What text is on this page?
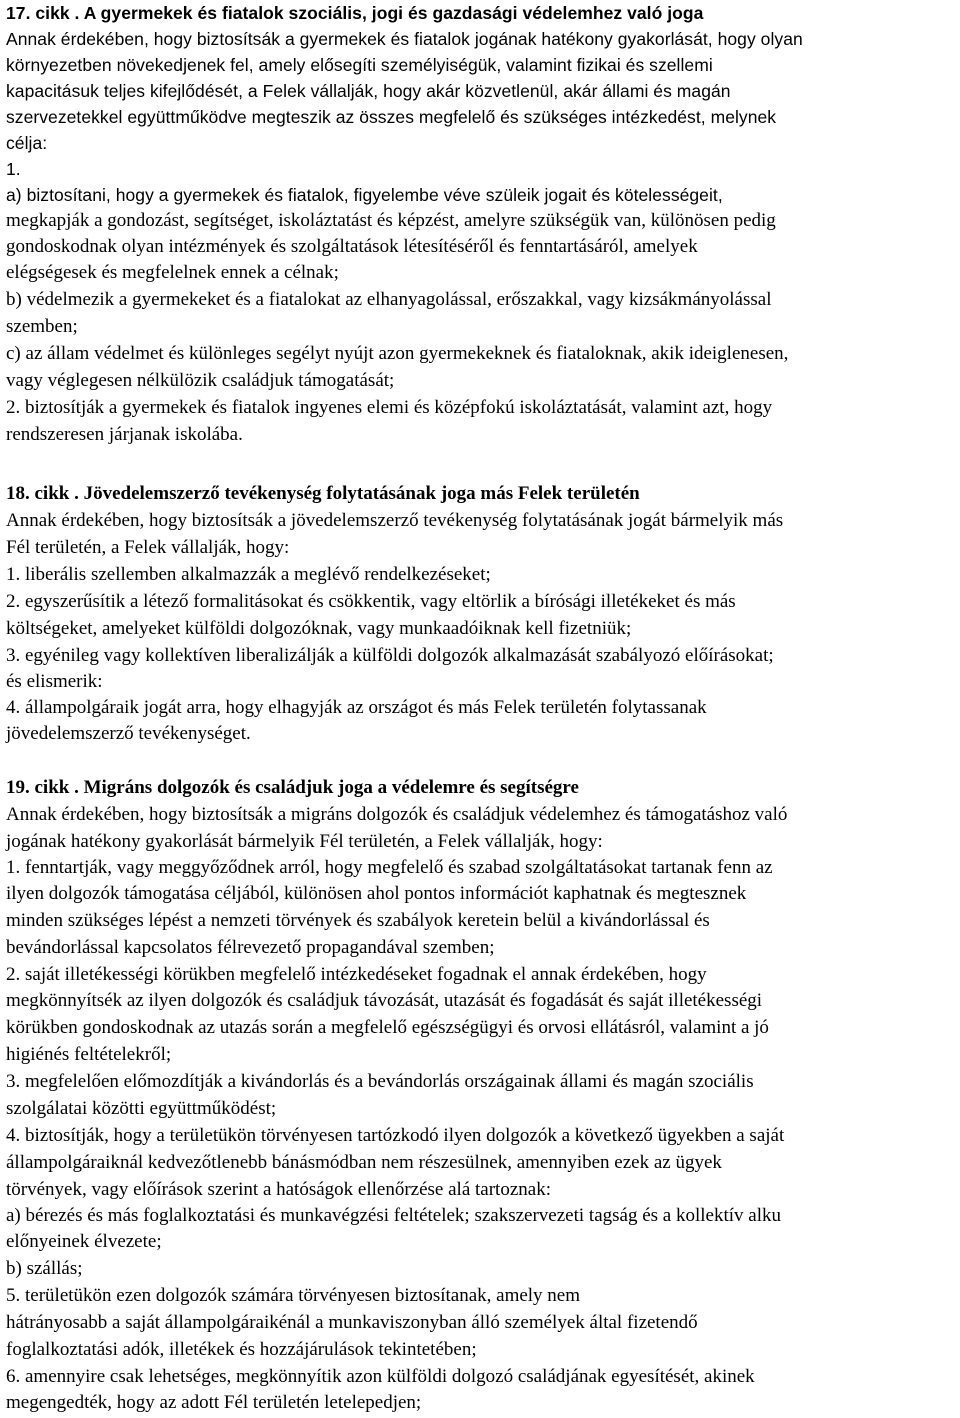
17. cikk . A gyermekek és fiatalok szociális, jogi és gazdasági védelemhez való joga
Annak érdekében, hogy biztosítsák a gyermekek és fiatalok jogának hatékony gyakorlását, hogy olyan
környezetben növekedjenek fel, amely elősegíti személyiségük, valamint fizikai és szellemi
kapacitásuk teljes kifejlődését, a Felek vállalják, hogy akár közvetlenül, akár állami és magán
szervezetekkel együttműködve megteszik az összes megfelelő és szükséges intézkedést, melynek
célja:
1.
a) biztosítani, hogy a gyermekek és fiatalok, figyelembe véve szüleik jogait és kötelességeit,
megkapják a gondozást, segítséget, iskoláztatást és képzést, amelyre szükségük van, különösen pedig
gondoskodnak olyan intézmények és szolgáltatások létesítéséről és fenntartásáról, amelyek
elégségesek és megfelelnek ennek a célnak;
b) védelmezik a gyermekeket és a fiatalokat az elhanyagolással, erőszakkal, vagy kizsákmányolással
szemben;
c) az állam védelmet és különleges segélyt nyújt azon gyermekeknek és fiataloknak, akik ideiglenesen,
vagy véglegesen nélkülözik családjuk támogatását;
2. biztosítják a gyermekek és fiatalok ingyenes elemi és középfokú iskoláztatását, valamint azt, hogy
rendszeresen járjanak iskolába.
18. cikk . Jövedelemszerző tevékenység folytatásának joga más Felek területén
Annak érdekében, hogy biztosítsák a jövedelemszerző tevékenység folytatásának jogát bármelyik más
Fél területén, a Felek vállalják, hogy:
1. liberális szellemben alkalmazzák a meglévő rendelkezéseket;
2. egyszerűsítik a létező formalitásokat és csökkentik, vagy eltörlik a bírósági illetékeket és más
költségeket, amelyeket külföldi dolgozóknak, vagy munkaadóiknak kell fizetniük;
3. egyénileg vagy kollektíven liberalizálják a külföldi dolgozók alkalmazását szabályozó előírásokat;
és elismerik:
4. állampolgáraik jogát arra, hogy elhagyják az országot és más Felek területén folytassanak
jövedelemszerző tevékenységet.
19. cikk . Migráns dolgozók és családjuk joga a védelemre és segítségre
Annak érdekében, hogy biztosítsák a migráns dolgozók és családjuk védelemhez és támogatáshoz való
jogának hatékony gyakorlását bármelyik Fél területén, a Felek vállalják, hogy:
1. fenntartják, vagy meggyőződnek arról, hogy megfelelő és szabad szolgáltatásokat tartanak fenn az
ilyen dolgozók támogatása céljából, különösen ahol pontos információt kaphatnak és megtesznek
minden szükséges lépést a nemzeti törvények és szabályok keretein belül a kivándorlással és
bevándorlással kapcsolatos félrevezető propagandával szemben;
2. saját illetékességi körükben megfelelő intézkedéseket fogadnak el annak érdekében, hogy
megkönnyítsék az ilyen dolgozók és családjuk távozását, utazását és fogadását és saját illetékességi
körükben gondoskodnak az utazás során a megfelelő egészségügyi és orvosi ellátásról, valamint a jó
higiénés feltételekről;
3. megfelelően előmozdítják a kivándorlás és a bevándorlás országainak állami és magán szociális
szolgálatai közötti együttműködést;
4. biztosítják, hogy a területükön törvényesen tartózkodó ilyen dolgozók a következő ügyekben a saját
állampolgáraiknál kedvezőtlenebb bánásmódban nem részesülnek, amennyiben ezek az ügyek
törvények, vagy előírások szerint a hatóságok ellenőrzése alá tartoznak:
a) bérezés és más foglalkoztatási és munkavégzési feltételek; szakszervezeti tagság és a kollektív alku
előnyeinek élvezete;
b) szállás;
5. területükön ezen dolgozók számára törvényesen biztosítanak, amely nem
hátrányosabb a saját állampolgáraikénál a munkaviszonyban álló személyek által fizetendő
foglalkoztatási adók, illetékek és hozzájárulások tekintetében;
6. amennyire csak lehetséges, megkönnyítik azon külföldi dolgozó családjának egyesítését, akinek
megengedték, hogy az adott Fél területén letelepedjen;
